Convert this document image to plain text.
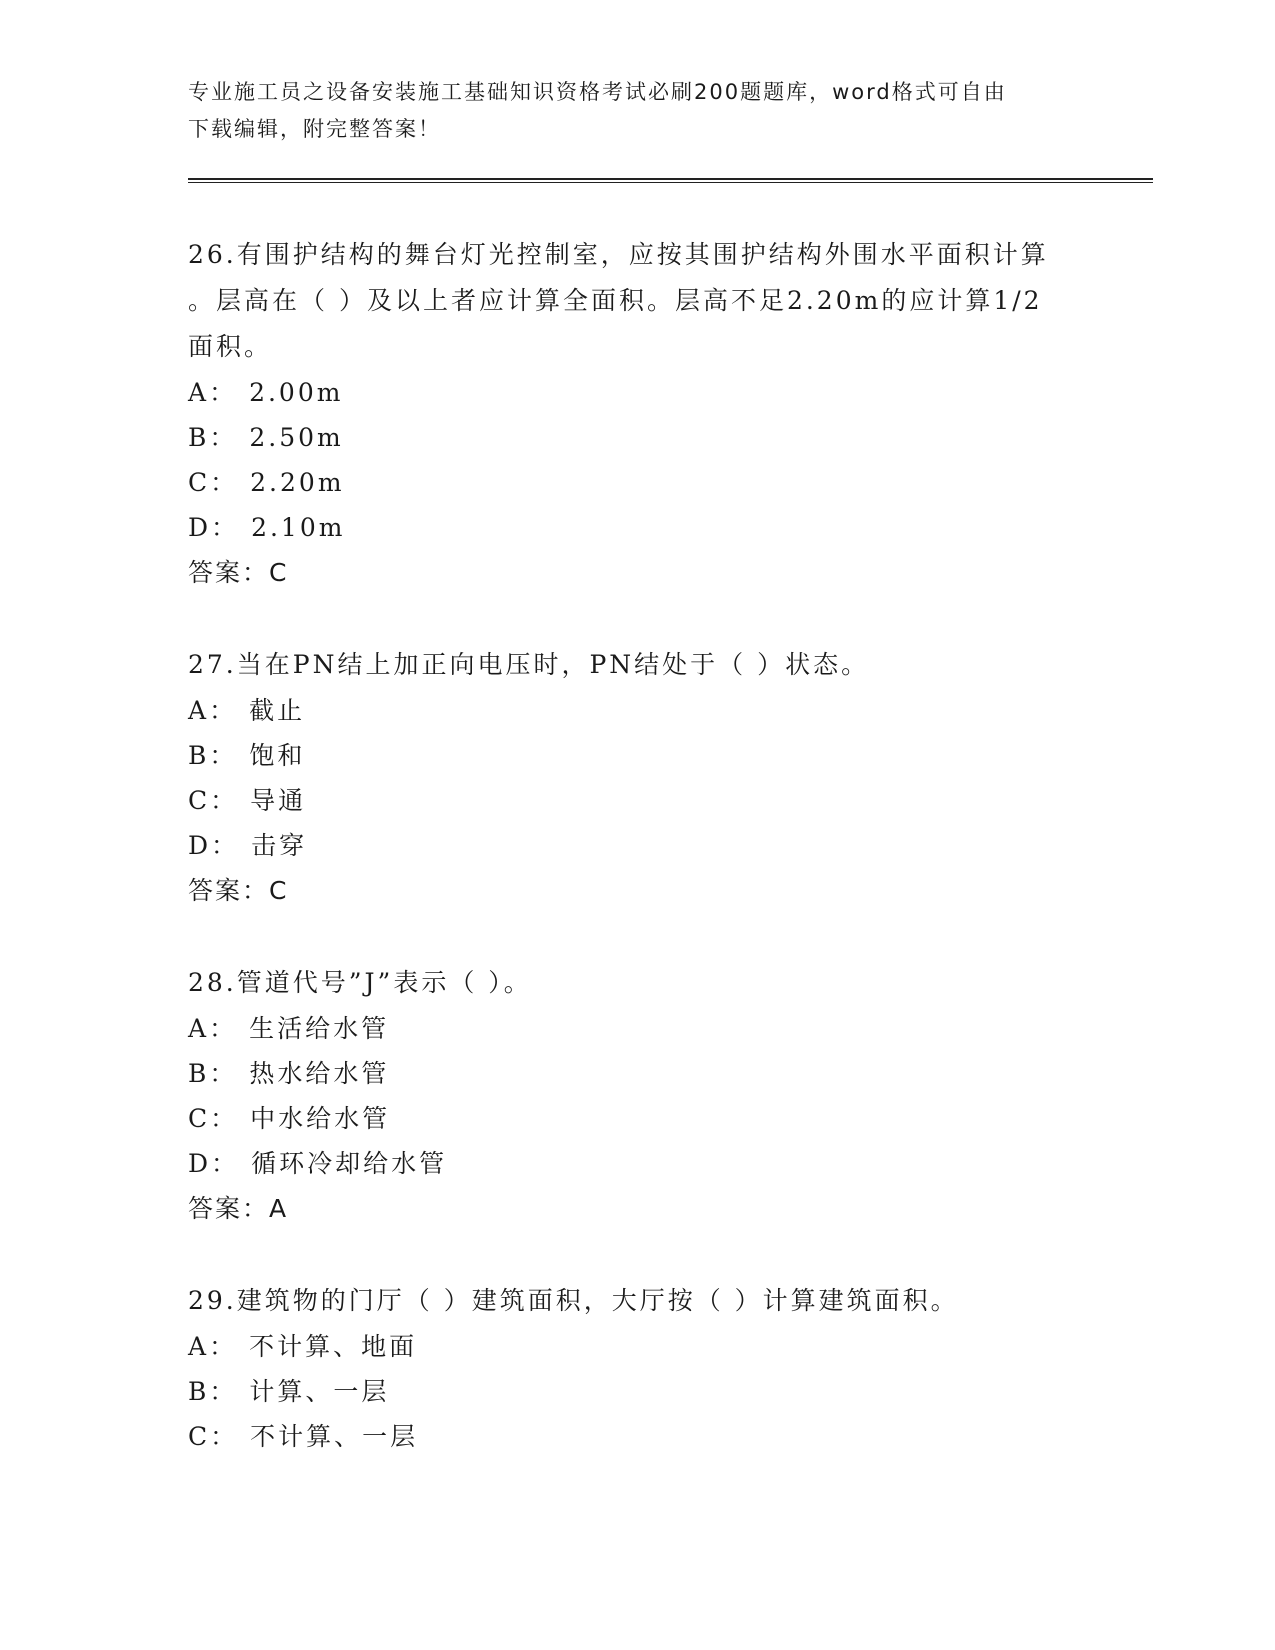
专业施工员之设备安装施工基础知识资格考试必刷200题题库，word格式可自由
下载编辑，附完整答案！
26.有围护结构的舞台灯光控制室，应按其围护结构外围水平面积计算
。层高在（ ）及以上者应计算全面积。层高不足2.20m的应计算1/2
面积。
A： 2.00m
B： 2.50m
C： 2.20m
D： 2.10m
答案：C
27.当在PN结上加正向电压时，PN结处于（ ）状态。
A： 截止
B： 饱和
C： 导通
D： 击穿
答案：C
28.管道代号”J”表示（ ）。
A： 生活给水管
B： 热水给水管
C： 中水给水管
D： 循环冷却给水管
答案：A
29.建筑物的门厅（ ）建筑面积，大厅按（ ）计算建筑面积。
A： 不计算、地面
B： 计算、一层
C： 不计算、一层
